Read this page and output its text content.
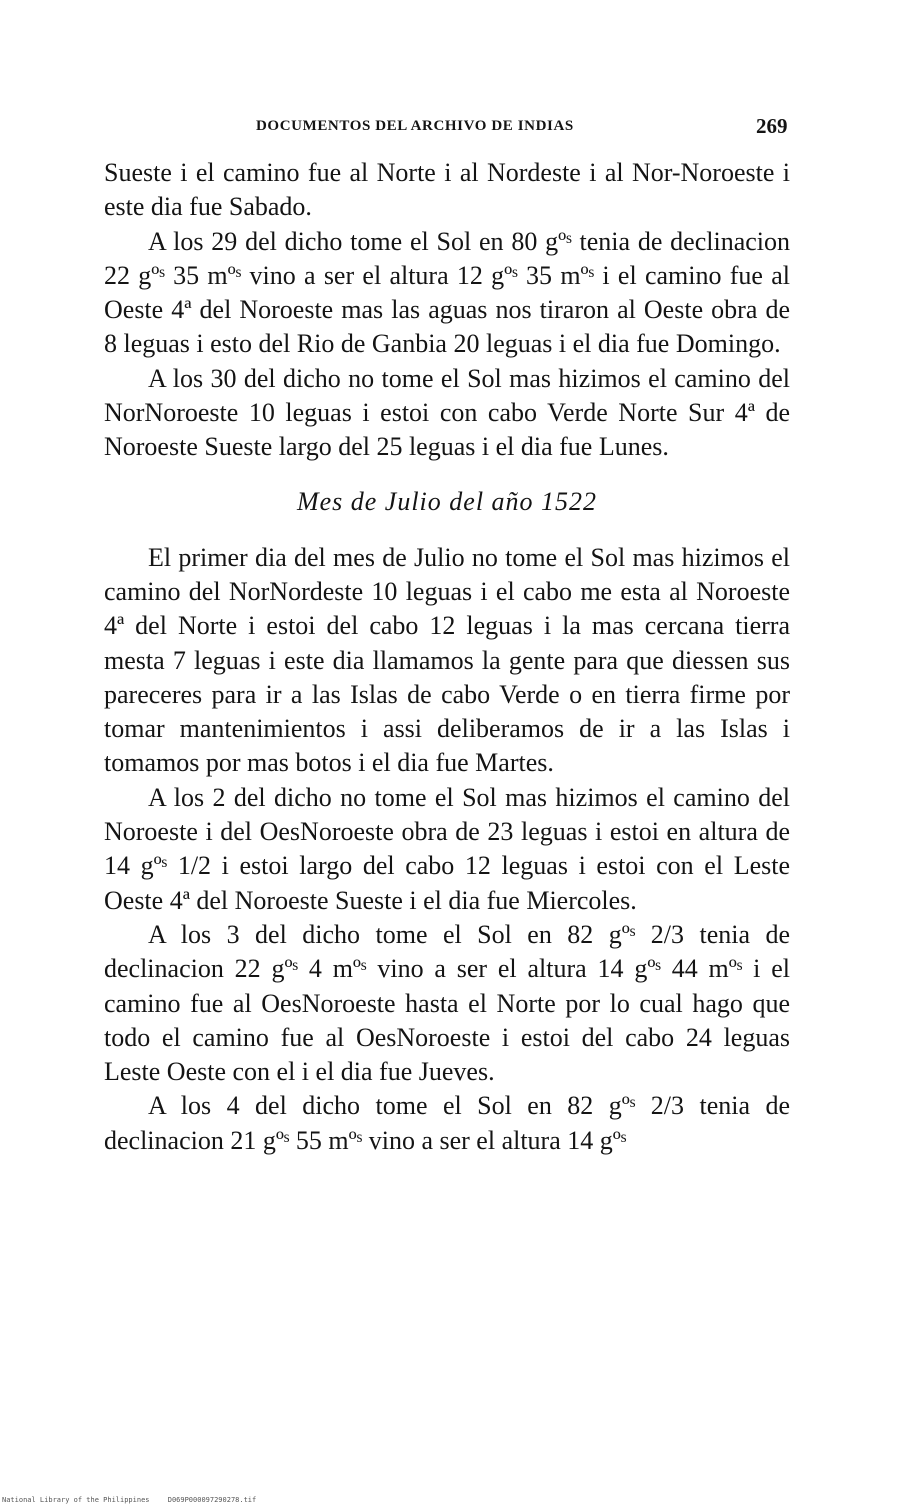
DOCUMENTOS DEL ARCHIVO DE INDIAS	269

Sueste i el camino fue al Norte i al Nordeste i al Nor-Noroeste i este dia fue Sabado.

A los 29 del dicho tome el Sol en 80 gºˢ tenia de declinacion 22 gºˢ 35 mºˢ vino a ser el altura 12 gºˢ 35 mºˢ i el camino fue al Oeste 4ª del Noroeste mas las aguas nos tiraron al Oeste obra de 8 leguas i esto del Rio de Ganbia 20 leguas i el dia fue Domingo.

A los 30 del dicho no tome el Sol mas hizimos el camino del NorNoroeste 10 leguas i estoi con cabo Verde Norte Sur 4ª de Noroeste Sueste largo del 25 leguas i el dia fue Lunes.

Mes de Julio del año 1522

El primer dia del mes de Julio no tome el Sol mas hizimos el camino del NorNordeste 10 leguas i el cabo me esta al Noroeste 4ª del Norte i estoi del cabo 12 leguas i la mas cercana tierra mesta 7 leguas i este dia llamamos la gente para que diessen sus pareceres para ir a las Islas de cabo Verde o en tierra firme por tomar mantenimientos i assi deliberamos de ir a las Islas i tomamos por mas botos i el dia fue Martes.

A los 2 del dicho no tome el Sol mas hizimos el camino del Noroeste i del OesNoroeste obra de 23 leguas i estoi en altura de 14 gºˢ 1/2 i estoi largo del cabo 12 leguas i estoi con el Leste Oeste 4ª del Noroeste Sueste i el dia fue Miercoles.

A los 3 del dicho tome el Sol en 82 gºˢ 2/3 tenia de declinacion 22 gºˢ 4 mºˢ vino a ser el altura 14 gºˢ 44 mºˢ i el camino fue al OesNoroeste hasta el Norte por lo cual hago que todo el camino fue al OesNoroeste i estoi del cabo 24 leguas Leste Oeste con el i el dia fue Jueves.

A los 4 del dicho tome el Sol en 82 gºˢ 2/3 tenia de declinacion 21 gºˢ 55 mºˢ vino a ser el altura 14 gºˢ

National Library of the Philippines	D069P000097290278.tif
